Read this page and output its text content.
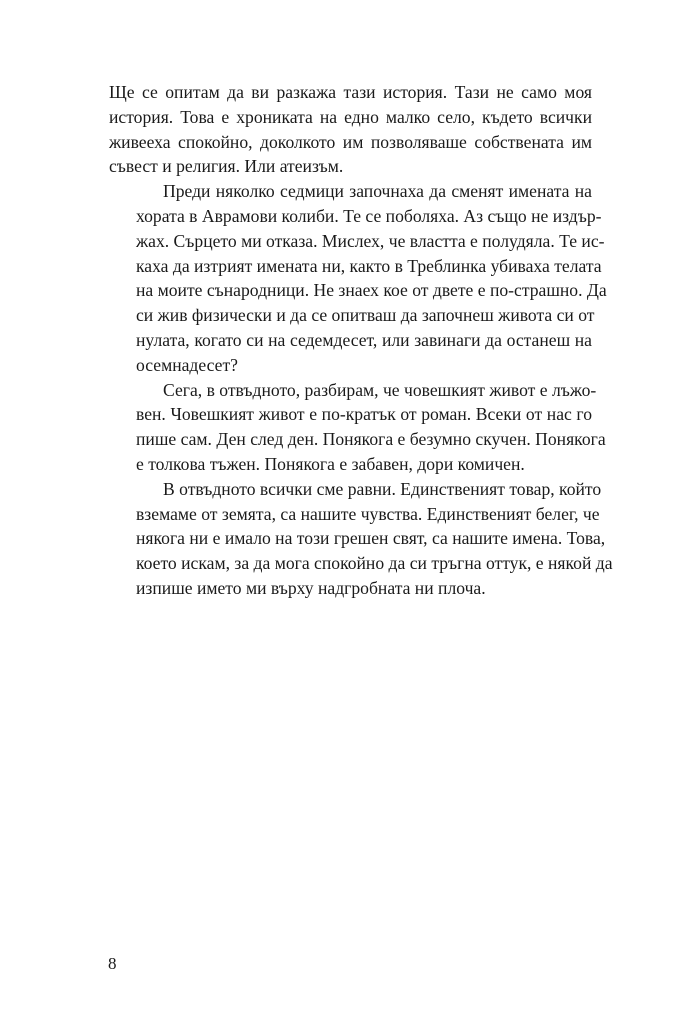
Ще се опитам да ви разкажа тази история. Тази не само моя
история. Това е хрониката на едно малко село, където всички
живееха спокойно, доколкото им позволяваше собствената им
съвест и религия. Или атеизъм.

Преди няколко седмици започнаха да сменят имената на
хората в Аврамови колиби. Те се поболяха. Аз също не издър-
жах. Сърцето ми отказа. Мислех, че властта е полудяла. Те ис-
каха да изтрият имената ни, както в Треблинка убиваха телата
на моите сънародници. Не знаех кое от двете е по-страшно. Да
си жив физически и да се опитваш да започнеш живота си от
нулата, когато си на седемдесет, или завинаги да останеш на
осемнадесет?

Сега, в отвъдното, разбирам, че човешкият живот е лъжо-
вен. Човешкият живот е по-кратък от роман. Всеки от нас го
пише сам. Ден след ден. Понякога е безумно скучен. Понякога
е толкова тъжен. Понякога е забавен, дори комичен.

В отвъдното всички сме равни. Единственият товар, който
вземаме от земята, са нашите чувства. Единственият белег, че
някога ни е имало на този грешен свят, са нашите имена. Това,
което искам, за да мога спокойно да си тръгна оттук, е някой да
изпише името ми върху надгробната ни плоча.

8
